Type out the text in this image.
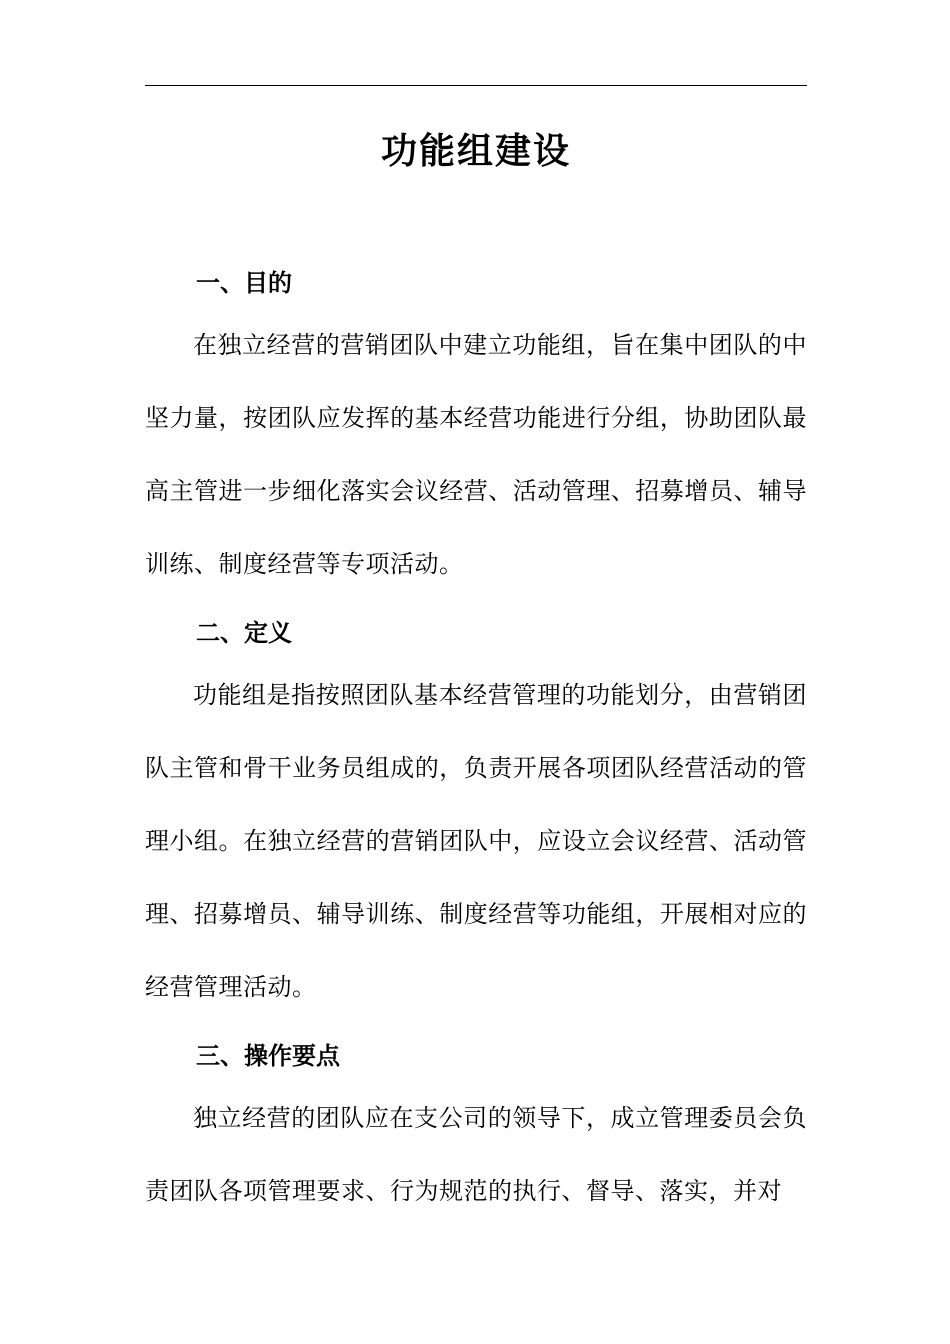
功能组建设
一、目的

在独立经营的营销团队中建立功能组，旨在集中团队的中坚力量，按团队应发挥的基本经营功能进行分组，协助团队最高主管进一步细化落实会议经营、活动管理、招募增员、辅导训练、制度经营等专项活动。

二、定义

功能组是指按照团队基本经营管理的功能划分，由营销团队主管和骨干业务员组成的，负责开展各项团队经营活动的管理小组。在独立经营的营销团队中，应设立会议经营、活动管理、招募增员、辅导训练、制度经营等功能组，开展相对应的经营管理活动。

三、操作要点

独立经营的团队应在支公司的领导下，成立管理委员会负责团队各项管理要求、行为规范的执行、督导、落实，并对
